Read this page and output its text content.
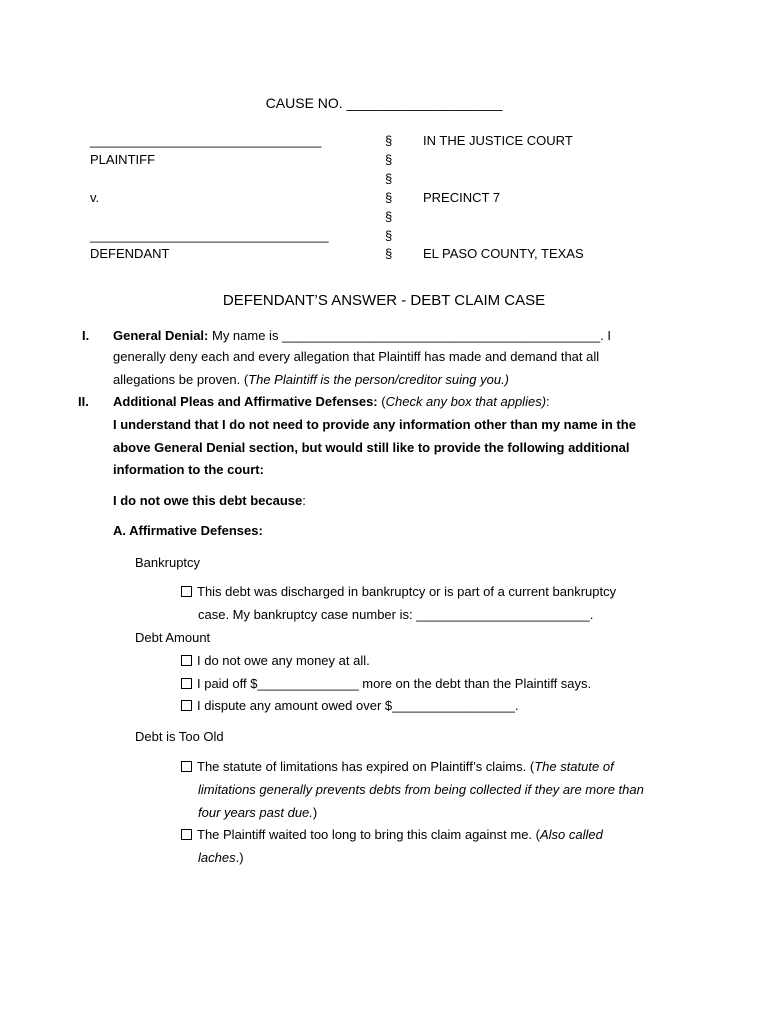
CAUSE NO. ____________________
________________________________
PLAINTIFF
v.
_________________________________
DEFENDANT
§
§
§
§
§
§
§
IN THE JUSTICE COURT
PRECINCT 7
EL PASO COUNTY, TEXAS
DEFENDANT’S ANSWER - DEBT CLAIM CASE
I. General Denial: My name is ____________________________________________. I
generally deny each and every allegation that Plaintiff has made and demand that all
allegations be proven. (The Plaintiff is the person/creditor suing you.)
II. Additional Pleas and Affirmative Defenses: (Check any box that applies):
I understand that I do not need to provide any information other than my name in the
above General Denial section, but would still like to provide the following additional
information to the court:
I do not owe this debt because:
A. Affirmative Defenses:
Bankruptcy
This debt was discharged in bankruptcy or is part of a current bankruptcy
case. My bankruptcy case number is: ________________________.
Debt Amount
I do not owe any money at all.
I paid off $______________ more on the debt than the Plaintiff says.
I dispute any amount owed over $_________________.
Debt is Too Old
The statute of limitations has expired on Plaintiff’s claims. (The statute of
limitations generally prevents debts from being collected if they are more than
four years past due.)
The Plaintiff waited too long to bring this claim against me. (Also called
laches.)
